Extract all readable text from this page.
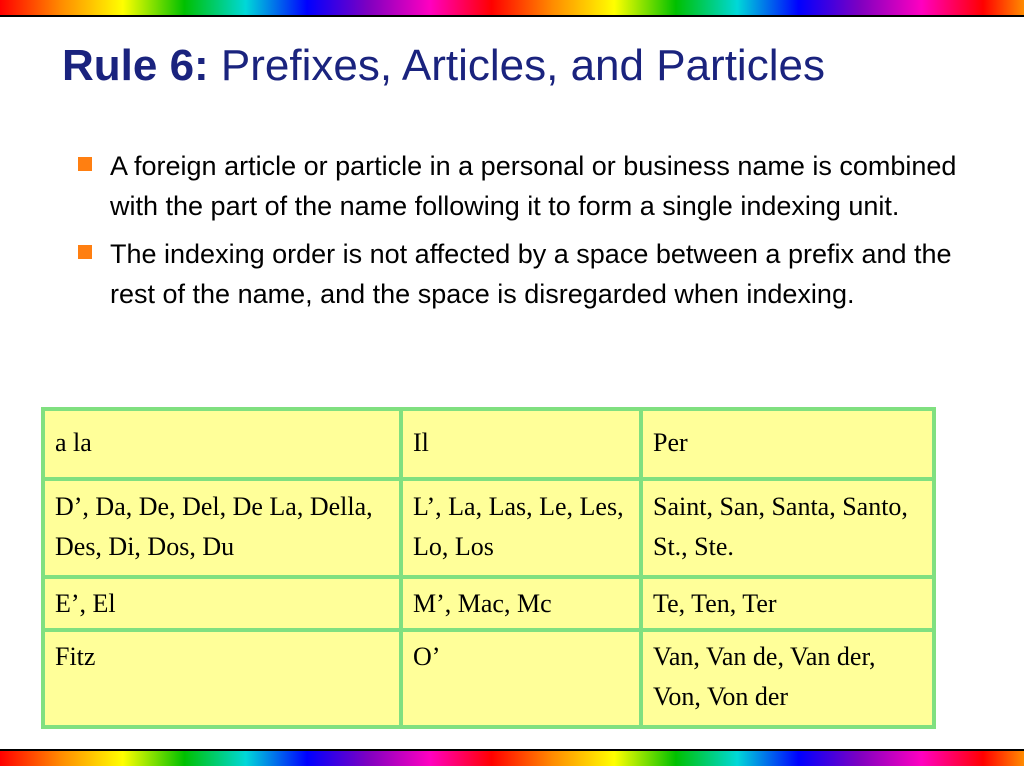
Rule 6: Prefixes, Articles, and Particles
A foreign article or particle in a personal or business name is combined with the part of the name following it to form a single indexing unit.
The indexing order is not affected by a space between a prefix and the rest of the name, and the space is disregarded when indexing.
a la	Il	Per
D’, Da, De, Del, De La, Della, Des, Di, Dos, Du	L’, La, Las, Le, Les, Lo, Los	Saint, San, Santa, Santo, St., Ste.
E’, El	M’, Mac, Mc	Te, Ten, Ter
Fitz	O’	Van, Van de, Van der, Von, Von der
